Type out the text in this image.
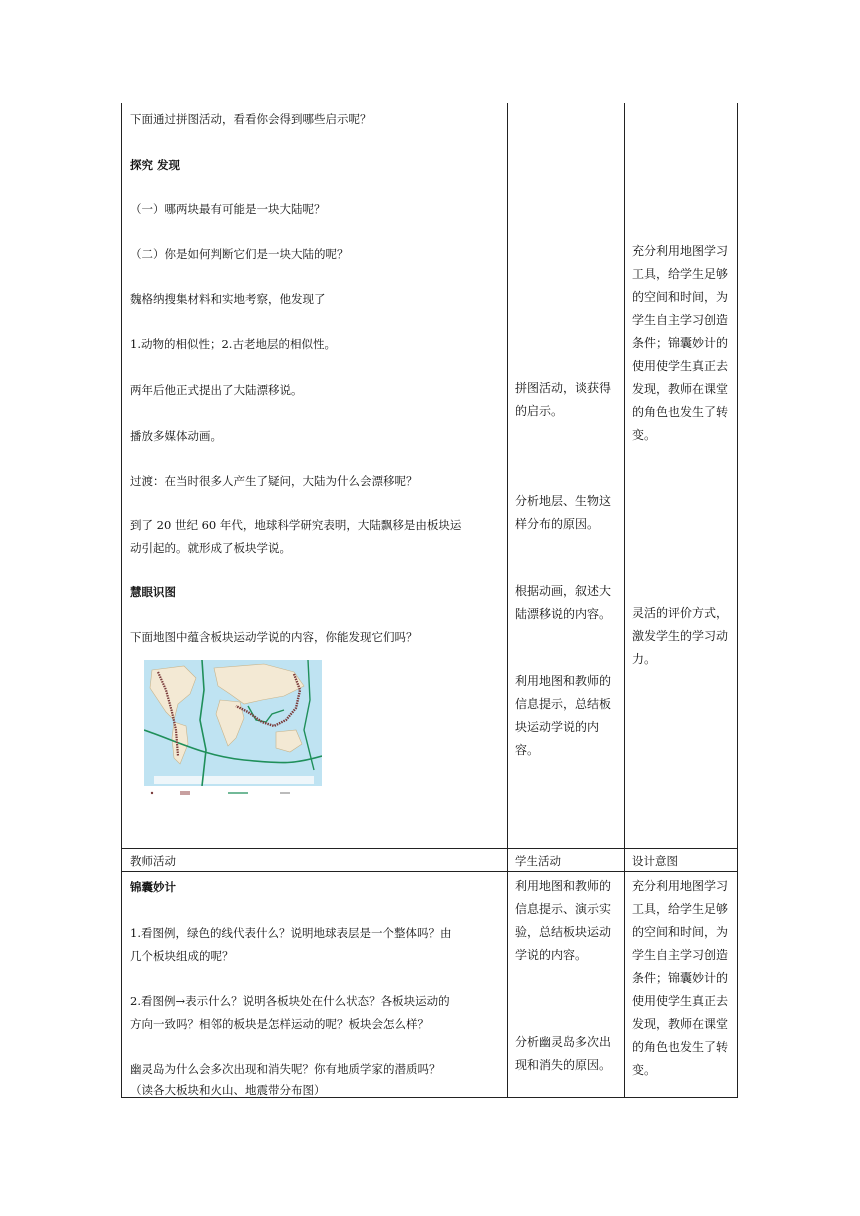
下面通过拼图活动，看看你会得到哪些启示呢？
探究 发现
（一）哪两块最有可能是一块大陆呢？
（二）你是如何判断它们是一块大陆的呢？
魏格纳搜集材料和实地考察，他发现了
1.动物的相似性；2.古老地层的相似性。
两年后他正式提出了大陆漂移说。
播放多媒体动画。
过渡：在当时很多人产生了疑问，大陆为什么会漂移呢？
到了 20 世纪 60 年代，地球科学研究表明，大陆飘移是由板块运
动引起的。就形成了板块学说。
慧眼识图
下面地图中蕴含板块运动学说的内容，你能发现它们吗？
拼图活动，谈获得的启示。
分析地层、生物这样分布的原因。
根据动画，叙述大陆漂移说的内容。
利用地图和教师的信息提示，总结板块运动学说的内容。
充分利用地图学习工具，给学生足够的空间和时间，为学生自主学习创造条件；锦囊妙计的使用使学生真正去发现，教师在课堂的角色也发生了转变。
灵活的评价方式，激发学生的学习动力。
教师活动	学生活动	设计意图
锦囊妙计
1.看图例，绿色的线代表什么？说明地球表层是一个整体吗？由
几个板块组成的呢？
2.看图例→表示什么？说明各板块处在什么状态？各板块运动的
方向一致吗？相邻的板块是怎样运动的呢？板块会怎么样？
幽灵岛为什么会多次出现和消失呢？你有地质学家的潜质吗？
（读各大板块和火山、地震带分布图）
利用地图和教师的信息提示、演示实验，总结板块运动学说的内容。
分析幽灵岛多次出现和消失的原因。
充分利用地图学习工具，给学生足够的空间和时间，为学生自主学习创造条件；锦囊妙计的使用使学生真正去发现，教师在课堂的角色也发生了转变。
